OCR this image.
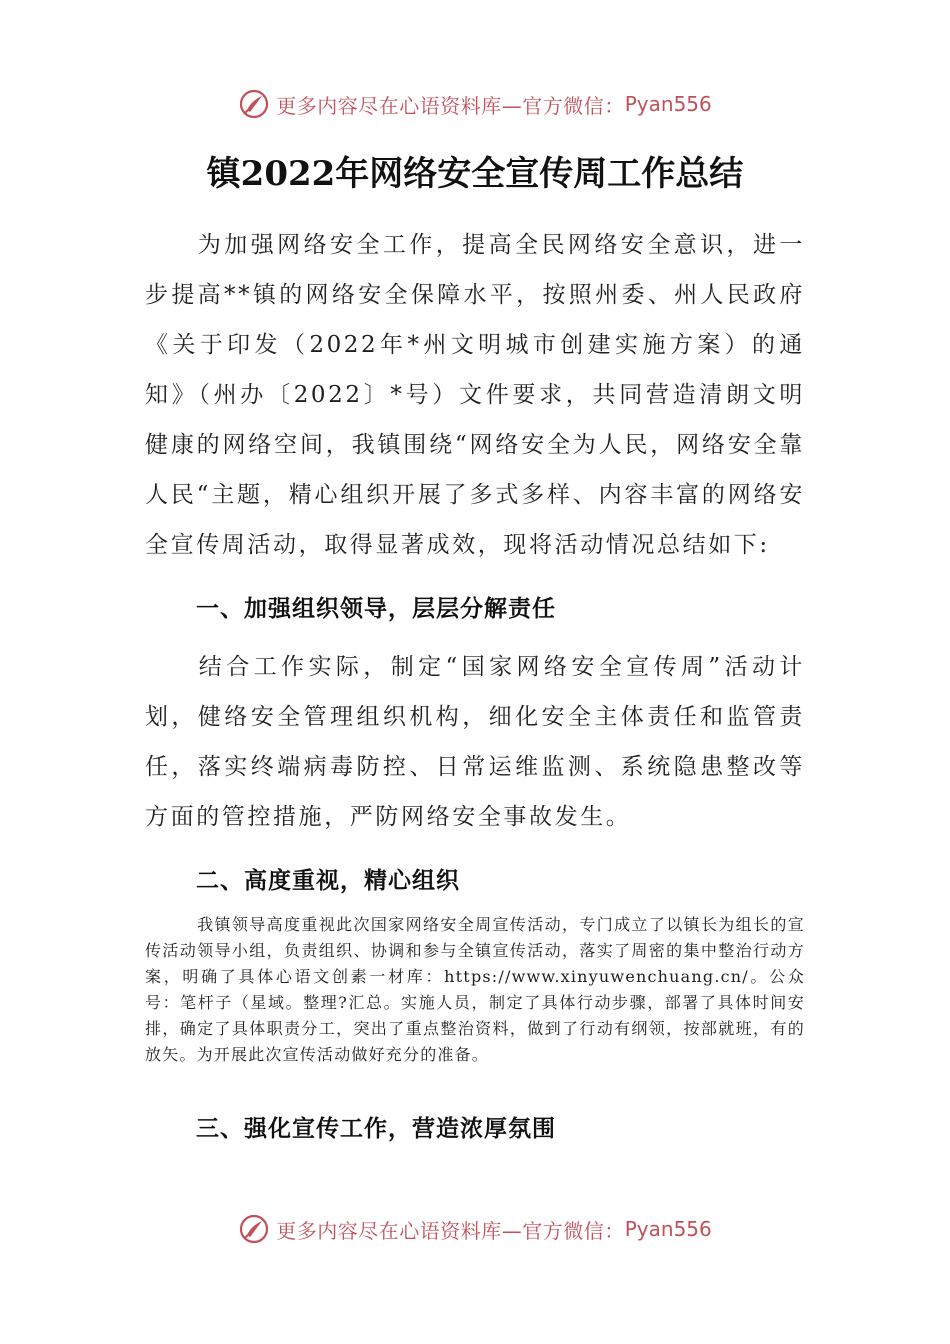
更多内容尽在心语资料库—官方微信： Pyan556
镇2022年网络安全宣传周工作总结

为加强网络安全工作，提高全民网络安全意识，进一步提高**镇的网络安全保障水平，按照州委、州人民政府《关于印发（2022年*州文明城市创建实施方案）的通知》（州办〔2022〕*号）文件要求，共同营造清朗文明健康的网络空间，我镇围绕“网络安全为人民，网络安全靠人民“主题，精心组织开展了多式多样、内容丰富的网络安全宣传周活动，取得显著成效，现将活动情况总结如下:

一、加强组织领导，层层分解责任

结合工作实际，制定“国家网络安全宣传周”活动计划，健络安全管理组织机构，细化安全主体责任和监管责任，落实终端病毒防控、日常运维监测、系统隐患整改等方面的管控措施，严防网络安全事故发生。

二、高度重视，精心组织

我镇领导高度重视此次国家网络安全周宣传活动，专门成立了以镇长为组长的宣传活动领导小组，负责组织、协调和参与全镇宣传活动，落实了周密的集中整治行动方案，明确了具体心语文创素一材库：https://www.xinyuwenchuang.cn/。公众号：笔杆子（星域。整理?汇总。实施人员，制定了具体行动步骤，部署了具体时间安排，确定了具体职责分工，突出了重点整治资料，做到了行动有纲领，按部就班，有的放矢。为开展此次宣传活动做好充分的准备。

三、强化宣传工作，营造浓厚氛围
更多内容尽在心语资料库—官方微信： Pyan556
